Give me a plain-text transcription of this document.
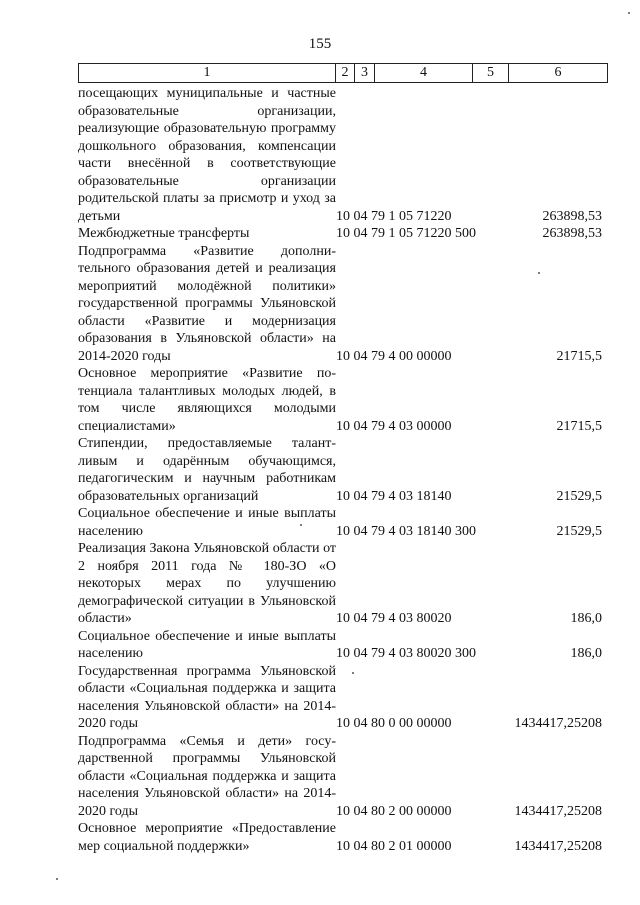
155
1	2 3	4	5	6
посещающих муниципальные и частные образовательные организации, реализующие образовательную программу дошкольного образования, компенсации части внесённой в соответствующие образовательные организации родительской платы за присмотр и уход за детьми	10 04 79 1 05 71220	263898,53
Межбюджетные трансферты	10 04 79 1 05 71220 500	263898,53
Подпрограмма «Развитие дополнительного образования детей и реализация мероприятий молодёжной политики» государственной программы Ульяновской области «Развитие и модернизация образования в Ульяновской области» на 2014-2020 годы	10 04 79 4 00 00000	21715,5
Основное мероприятие «Развитие потенциала талантливых молодых людей, в том числе являющихся молодыми специалистами»	10 04 79 4 03 00000	21715,5
Стипендии, предоставляемые талантливым и одарённым обучающимся, педагогическим и научным работникам образовательных организаций	10 04 79 4 03 18140	21529,5
Социальное обеспечение и иные выплаты населению	10 04 79 4 03 18140 300	21529,5
Реализация Закона Ульяновской области от 2 ноября 2011 года № 180-ЗО «О некоторых мерах по улучшению демографической ситуации в Ульяновской области»	10 04 79 4 03 80020	186,0
Социальное обеспечение и иные выплаты населению	10 04 79 4 03 80020 300	186,0
Государственная программа Ульяновской области «Социальная поддержка и защита населения Ульяновской области» на 2014-2020 годы	10 04 80 0 00 00000	1434417,25208
Подпрограмма «Семья и дети» государственной программы Ульяновской области «Социальная поддержка и защита населения Ульяновской области» на 2014-2020 годы	10 04 80 2 00 00000	1434417,25208
Основное мероприятие «Предоставление мер социальной поддержки»	10 04 80 2 01 00000	1434417,25208
